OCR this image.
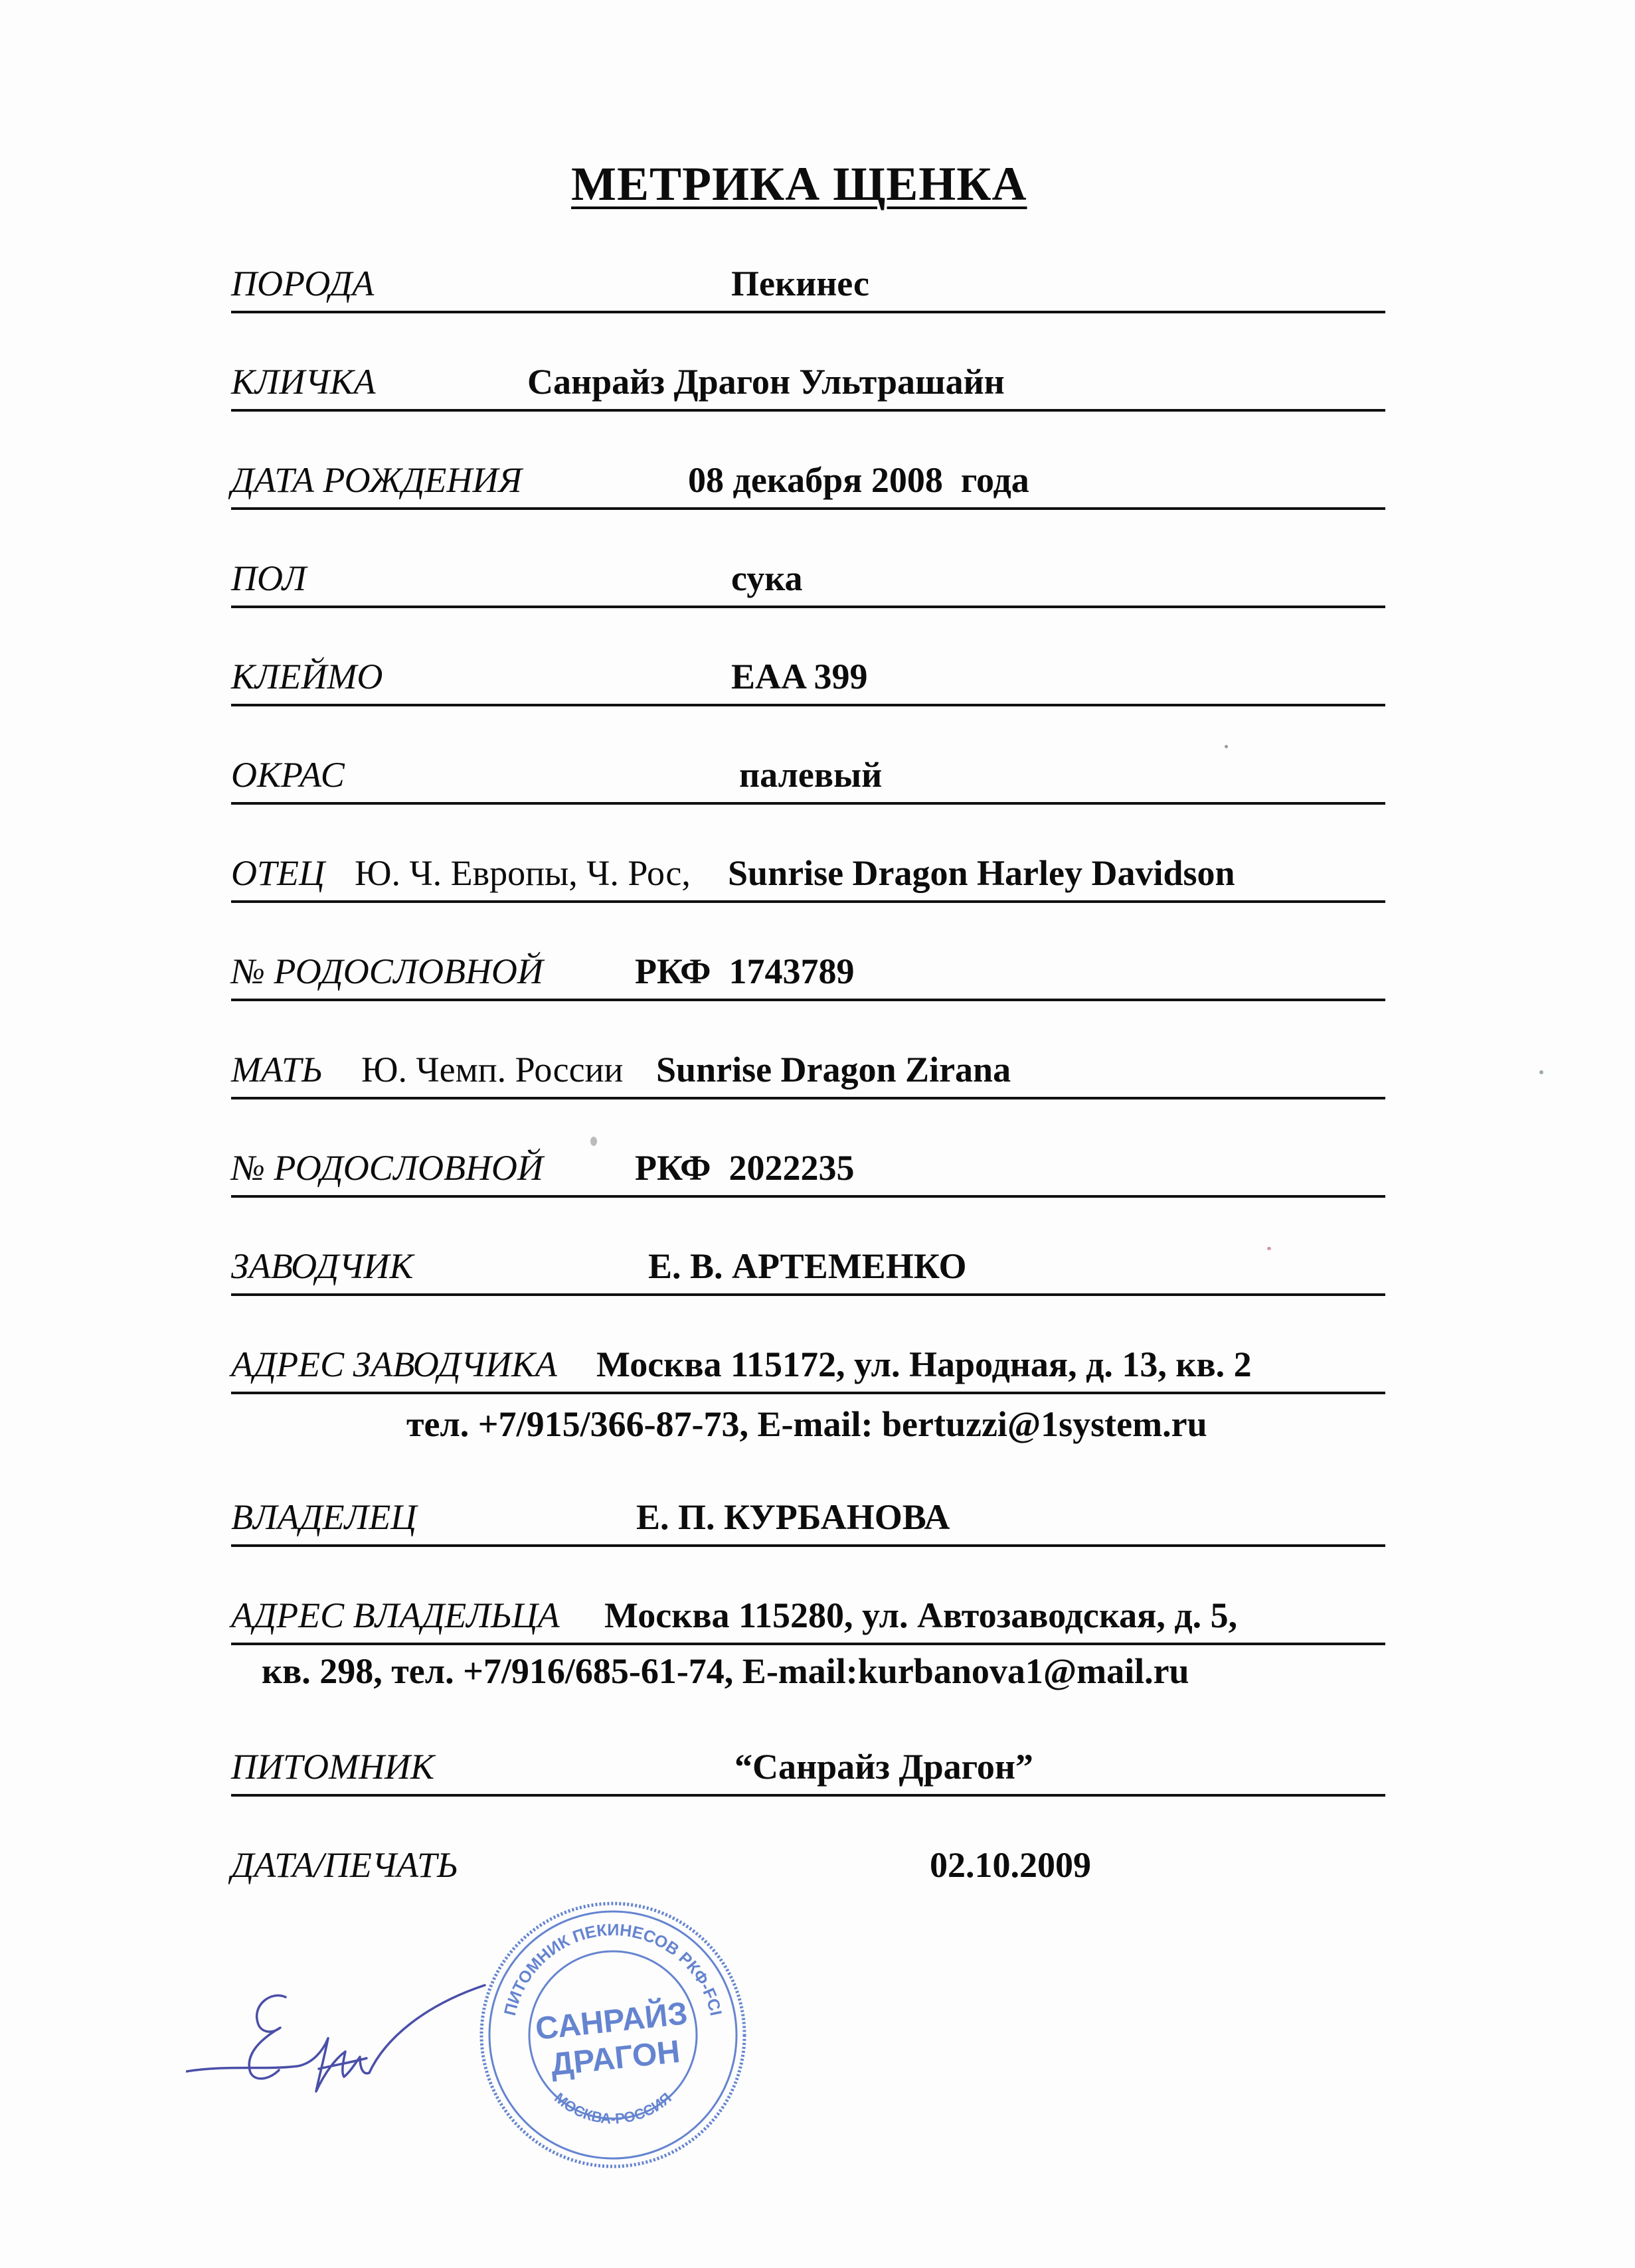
МЕТРИКА ЩЕНКА
ПОРОДА	Пекинес
КЛИЧКА	Санрайз Драгон Ультрашайн
ДАТА РОЖДЕНИЯ	08 декабря 2008  года
ПОЛ	сука
КЛЕЙМО	EAA 399
ОКРАС	палевый
ОТЕЦ Ю. Ч. Европы, Ч. Рос, Sunrise Dragon Harley Davidson
№ РОДОСЛОВНОЙ	РКФ  1743789
МАТЬ Ю. Чемп. России Sunrise Dragon Zirana
№ РОДОСЛОВНОЙ	РКФ  2022235
ЗАВОДЧИК	Е. В. АРТЕМЕНКО
АДРЕС ЗАВОДЧИКА Москва 115172, ул. Народная, д. 13, кв. 2
тел. +7/915/366-87-73, E-mail: bertuzzi@1system.ru
ВЛАДЕЛЕЦ	Е. П. КУРБАНОВА
АДРЕС ВЛАДЕЛЬЦА Москва 115280, ул. Автозаводская, д. 5,
кв. 298, тел. +7/916/685-61-74, E-mail:kurbanova1@mail.ru
ПИТОМНИК	“Санрайз Драгон”
ДАТА/ПЕЧАТЬ	02.10.2009
ПИТОМНИК ПЕКИНЕСОВ РКФ-FCI
МОСКВА-РОССИЯ
САНРАЙЗ
ДРАГОН
